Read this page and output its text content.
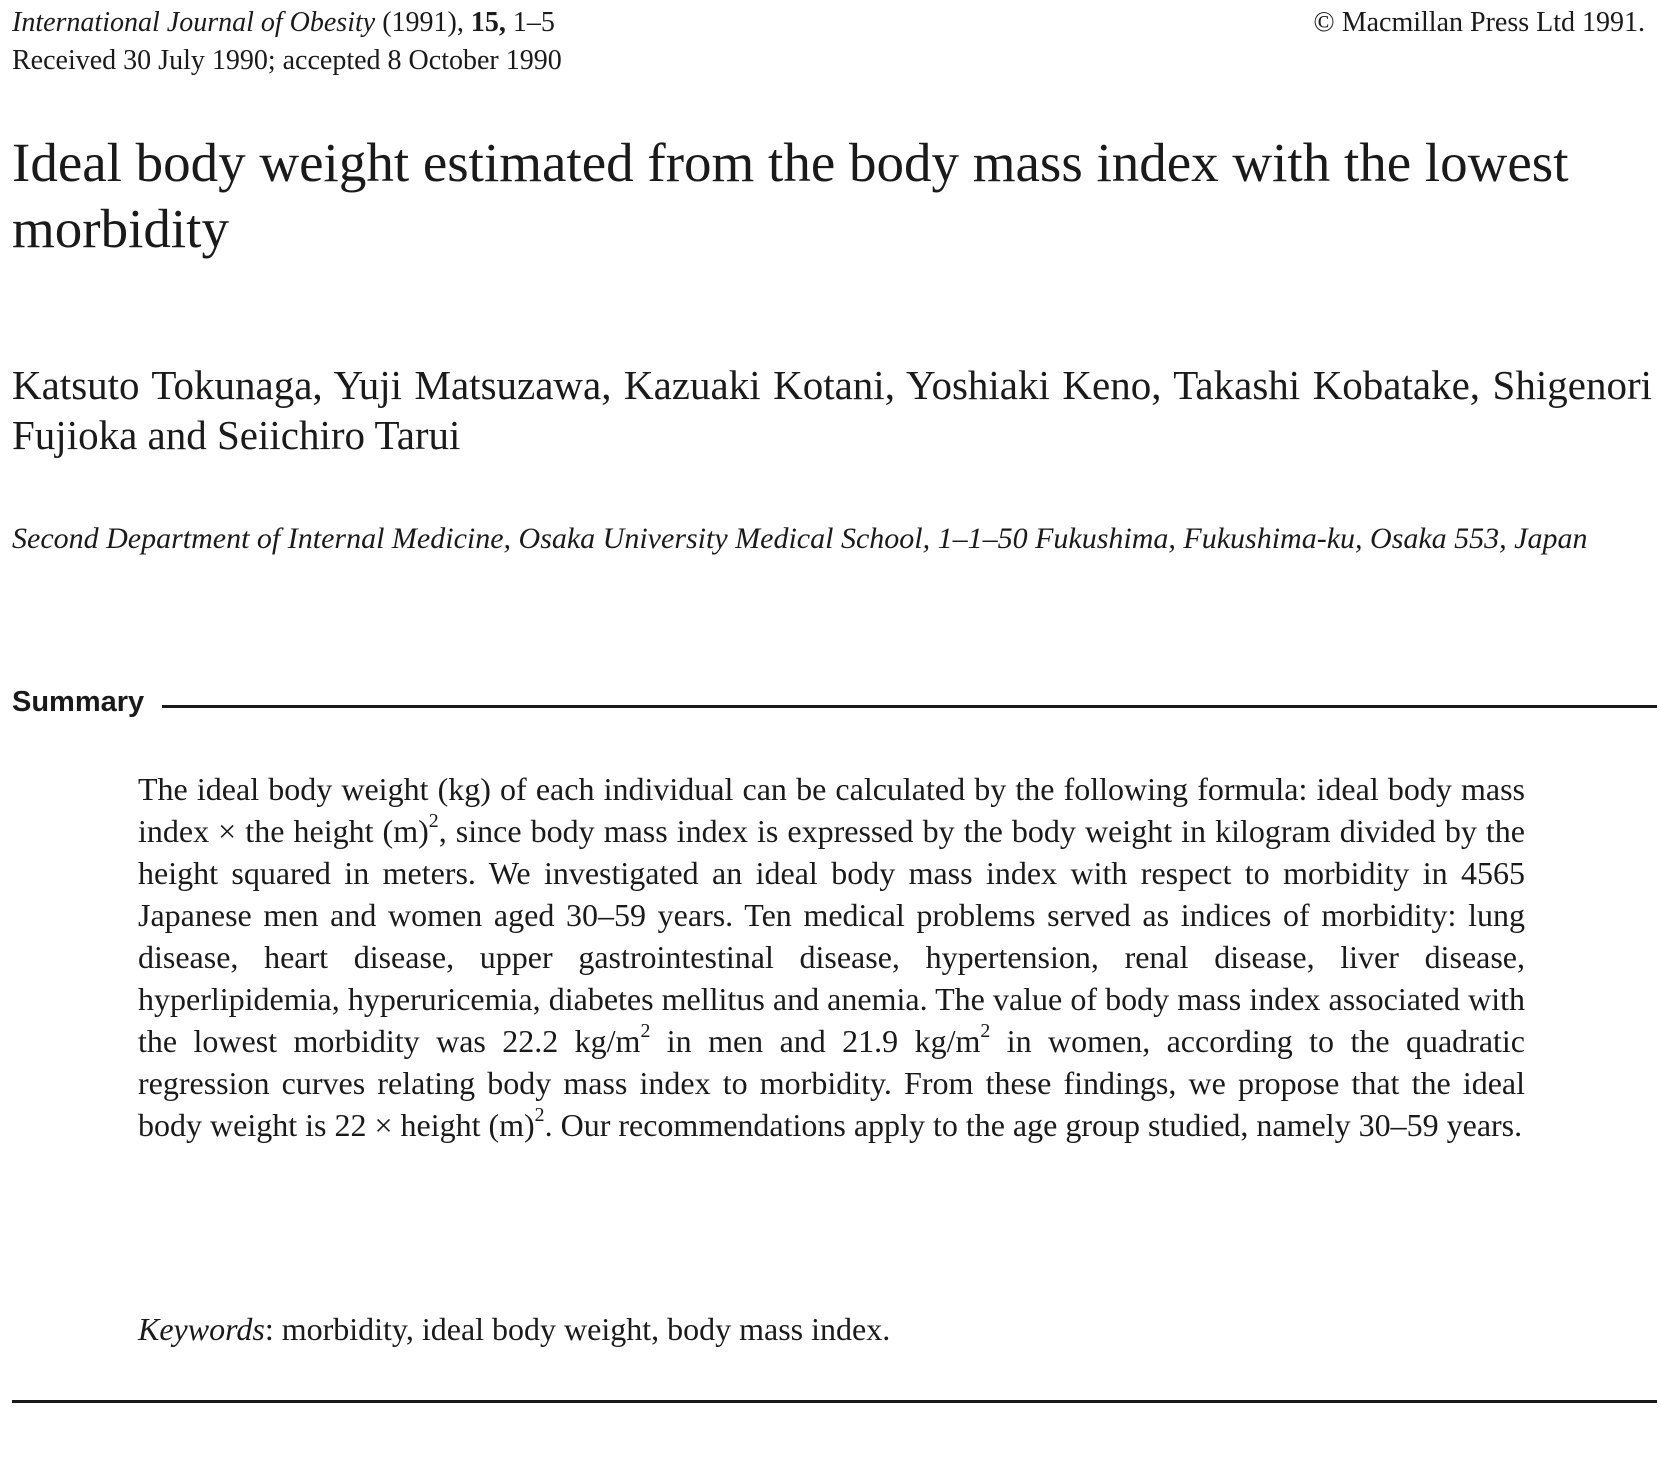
International Journal of Obesity (1991), 15, 1–5
Received 30 July 1990; accepted 8 October 1990
© Macmillan Press Ltd 1991.
Ideal body weight estimated from the body mass index with the lowest morbidity

Katsuto Tokunaga, Yuji Matsuzawa, Kazuaki Kotani, Yoshiaki Keno, Takashi Kobatake, Shigenori Fujioka and Seiichiro Tarui

Second Department of Internal Medicine, Osaka University Medical School, 1–1–50 Fukushima, Fukushima-ku, Osaka 553, Japan

Summary

The ideal body weight (kg) of each individual can be calculated by the following formula: ideal body mass index × the height $(m)^2$, since body mass index is expressed by the body weight in kilogram divided by the height squared in meters. We investigated an ideal body mass index with respect to morbidity in 4565 Japanese men and women aged 30–59 years. Ten medical problems served as indices of morbidity: lung disease, heart disease, upper gastrointestinal disease, hypertension, renal disease, liver disease, hyperlipidemia, hyperuricemia, diabetes mellitus and anemia. The value of body mass index associated with the lowest morbidity was 22.2 $kg/m^2$ in men and 21.9 $kg/m^2$ in women, according to the quadratic regression curves relating body mass index to morbidity. From these findings, we propose that the ideal body weight is 22 × height $(m)^2$. Our recommendations apply to the age group studied, namely 30–59 years.

Keywords: morbidity, ideal body weight, body mass index.
